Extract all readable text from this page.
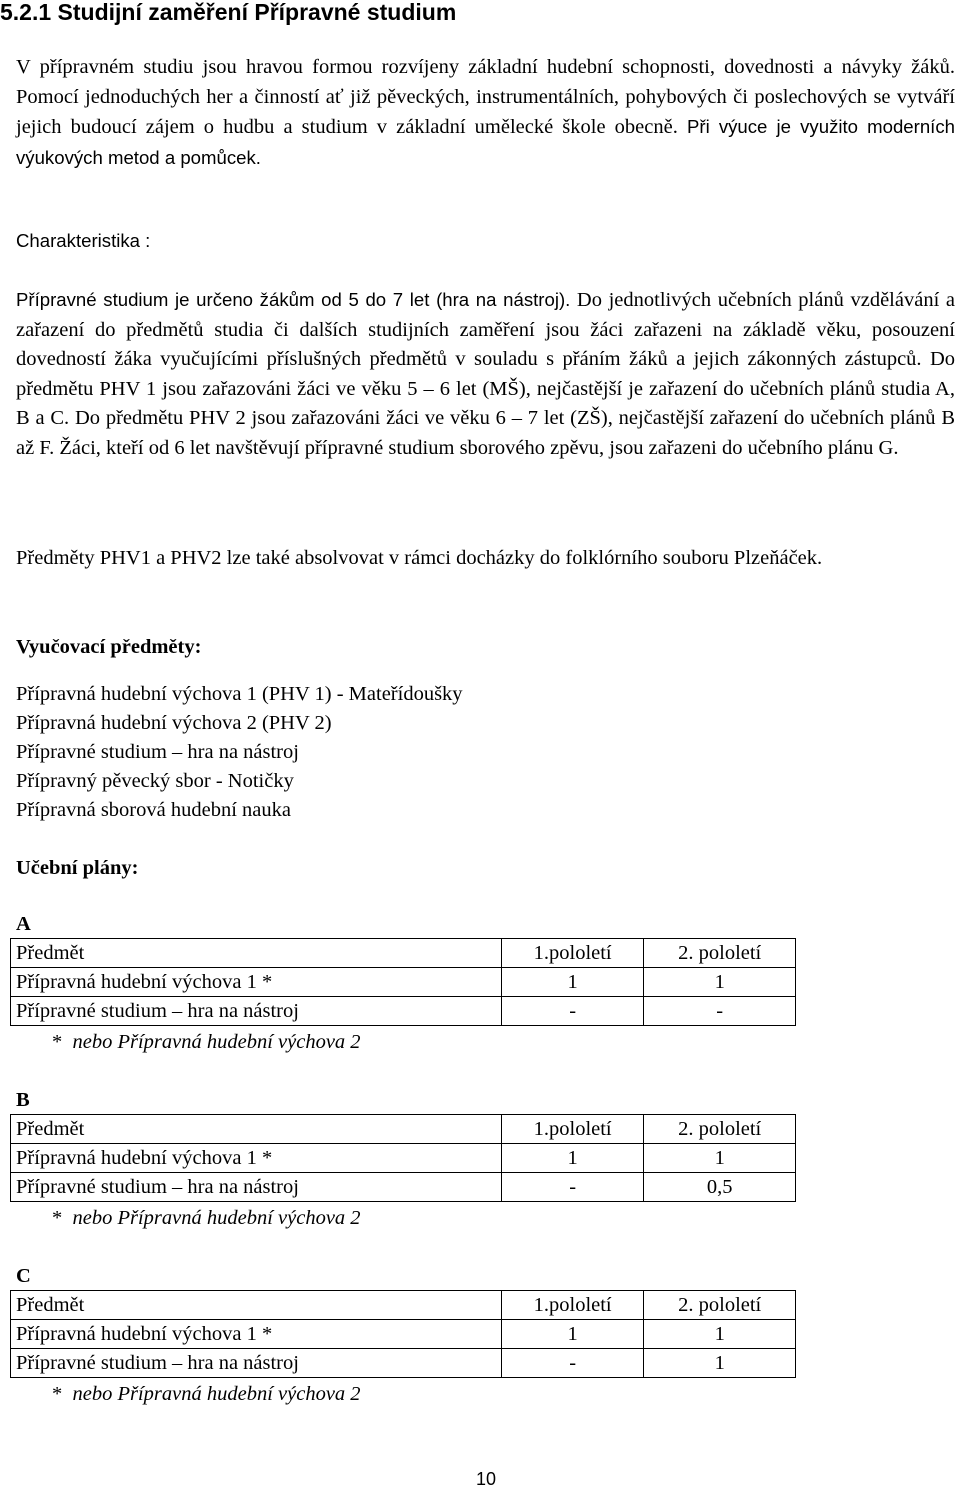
5.2.1 Studijní zaměření Přípravné studium
V přípravném studiu jsou hravou formou rozvíjeny základní hudební schopnosti, dovednosti a návyky žáků. Pomocí jednoduchých her a činností ať již pěveckých, instrumentálních, pohybových či poslechových se vytváří jejich budoucí zájem o hudbu a studium v základní umělecké škole obecně. Při výuce je využito moderních výukových metod a pomůcek.
Charakteristika :
Přípravné studium je určeno žákům od 5 do 7 let (hra na nástroj). Do jednotlivých učebních plánů vzdělávání a zařazení do předmětů studia či dalších studijních zaměření jsou žáci zařazeni na základě věku, posouzení dovedností žáka vyučujícími příslušných předmětů v souladu s přáním žáků a jejich zákonných zástupců. Do předmětu PHV 1 jsou zařazováni žáci ve věku 5 – 6 let (MŠ), nejčastější je zařazení do učebních plánů studia A, B a C. Do předmětu PHV 2 jsou zařazováni žáci ve věku 6 – 7 let (ZŠ), nejčastější zařazení do učebních plánů B až F. Žáci, kteří od 6 let navštěvují přípravné studium sborového zpěvu, jsou zařazeni do učebního plánu G.
Předměty PHV1 a PHV2 lze také absolvovat v rámci docházky do folklórního souboru Plzeňáček.
Vyučovací předměty:
Přípravná hudební výchova 1 (PHV 1) - Mateřídoušky
Přípravná hudební výchova 2 (PHV 2)
Přípravné studium – hra na nástroj
Přípravný pěvecký sbor - Notičky
Přípravná sborová hudební nauka
Učební plány:
A
Předmět	1.pololetí	2. pololetí
Přípravná hudební výchova 1 *	1	1
Přípravné studium – hra na nástroj	-	-
* nebo Přípravná hudební výchova 2
B
Předmět	1.pololetí	2. pololetí
Přípravná hudební výchova 1 *	1	1
Přípravné studium – hra na nástroj	-	0,5
* nebo Přípravná hudební výchova 2
C
Předmět	1.pololetí	2. pololetí
Přípravná hudební výchova 1 *	1	1
Přípravné studium – hra na nástroj	-	1
* nebo Přípravná hudební výchova 2
10
